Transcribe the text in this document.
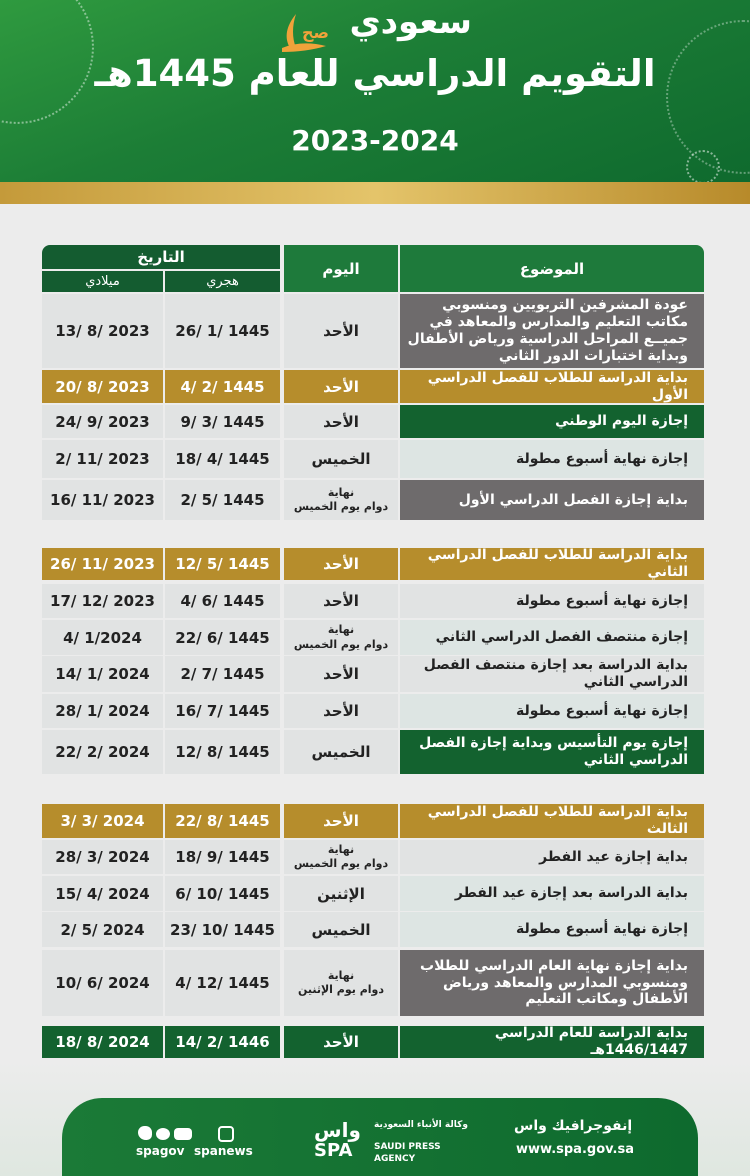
صح سعودي
التقويم الدراسي للعام 1445هـ
2023-2024
الموضوع
اليوم
التاريخ
هجري
ميلادي
عودة المشرفين التربويين ومنسوبي مكاتب التعليم والمدارس والمعاهد في جميــع المراحل الدراسية ورياض الأطفال وبداية اختبارات الدور الثاني
الأحد
26/ 1/ 1445
13/ 8/ 2023
بداية الدراسة للطلاب للفصل الدراسي الأول
الأحد
4/ 2/ 1445
20/ 8/ 2023
إجازة اليوم الوطني
الأحد
9/ 3/ 1445
24/ 9/ 2023
إجازة نهاية أسبوع مطولة
الخميس
18/ 4/ 1445
2/ 11/ 2023
بداية إجازة الفصل الدراسي الأول
نهاية
دوام يوم الخميس
2/ 5/ 1445
16/ 11/ 2023
بداية الدراسة للطلاب للفصل الدراسي الثاني
الأحد
12/ 5/ 1445
26/ 11/ 2023
إجازة نهاية أسبوع مطولة
الأحد
4/ 6/ 1445
17/ 12/ 2023
إجازة منتصف الفصل الدراسي الثاني
نهاية
دوام يوم الخميس
22/ 6/ 1445
4/ 1/2024
بداية الدراسة بعد إجازة منتصف الفصل الدراسي الثاني
الأحد
2/ 7/ 1445
14/ 1/ 2024
إجازة نهاية أسبوع مطولة
الأحد
16/ 7/ 1445
28/ 1/ 2024
إجازة يوم التأسيس وبداية إجازة الفصل الدراسي الثاني
الخميس
12/ 8/ 1445
22/ 2/ 2024
بداية الدراسة للطلاب للفصل الدراسي الثالث
الأحد
22/ 8/ 1445
3/ 3/ 2024
بداية إجازة عيد الفطر
نهاية
دوام يوم الخميس
18/ 9/ 1445
28/ 3/ 2024
بداية الدراسة بعد إجازة عيد الفطر
الإثنين
6/ 10/ 1445
15/ 4/ 2024
إجازة نهاية أسبوع مطولة
الخميس
23/ 10/ 1445
2/ 5/ 2024
بداية إجازة نهاية العام الدراسي للطلاب ومنسوبي المدارس والمعاهد ورياض الأطفال ومكاتب التعليم
نهاية
دوام يوم الإثنين
4/ 12/ 1445
10/ 6/ 2024
بداية الدراسة للعام الدراسي 1446/1447هـ
الأحد
14/ 2/ 1446
18/ 8/ 2024
إنفوجرافيك واس
www.spa.gov.sa
واس
SPA
وكالة الأنباء السعودية
SAUDI PRESS
AGENCY
spanews
spagov
